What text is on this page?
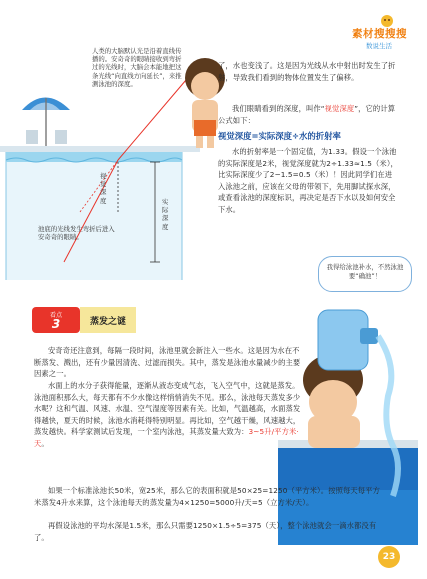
素材搜搜搜
数说生活
人类的大脑默认光是沿着直线传播的。安奇奇的眼睛接收到弯折过的光线时，大脑会本能地把这条光线“向直线方向延长”，来推测泳池的深度。
视觉深度	实际深度
池底的光线发生弯折后进入安奇奇的眼睛。
了，水也变浅了。这是因为光线从水中射出时发生了折射，导致我们看到的物体位置发生了偏移。
我们眼睛看到的深度，叫作“视觉深度”，它的计算公式如下：
视觉深度=实际深度÷水的折射率
水的折射率是一个固定值，为1.33。假设一个泳池的实际深度是2米，视觉深度就为2÷1.33≈1.5（米），比实际深度少了2−1.5=0.5（米）！因此同学们在进入泳池之前，应该在父母的带领下，先用脚试探水深，或查看泳池的深度标识，再决定是否下水以及如何安全下水。
看点
3	蒸发之谜
我得给泳池补水，不然泳池要“确池”！
安奇奇还注意到，每隔一段时间，泳池里就会新注入一些水。这是因为水在不断蒸发、溅出，还有少量因清洗、过滤而损失。其中，蒸发是泳池水量减少的主要因素之一。
水面上的水分子获得能量，逐渐从液态变成气态，飞入空气中，这就是蒸发。泳池面积那么大，每天都有不少水像这样悄悄消失不见。那么，泳池每天蒸发多少水呢？这和气温、风速、水温、空气湿度等因素有关。比如，气温越高，水面蒸发得越快，夏天的时候，泳池水消耗得特别明显。再比如，空气越干燥，风速越大，蒸发越快。科学家测试后发现，一个室内泳池，其蒸发量大致为：3~5升/平方米·天。
如果一个标准泳池长50米，宽25米，那么它的表面积就是50×25=1250（平方米）。按照每天每平方米蒸发4升水来算，这个泳池每天的蒸发量为4×1250=5000升/天=5（立方米/天）。
再假设泳池的平均水深是1.5米，那么只需要1250×1.5÷5=375（天），整个泳池就会一滴水都没有了。
23
